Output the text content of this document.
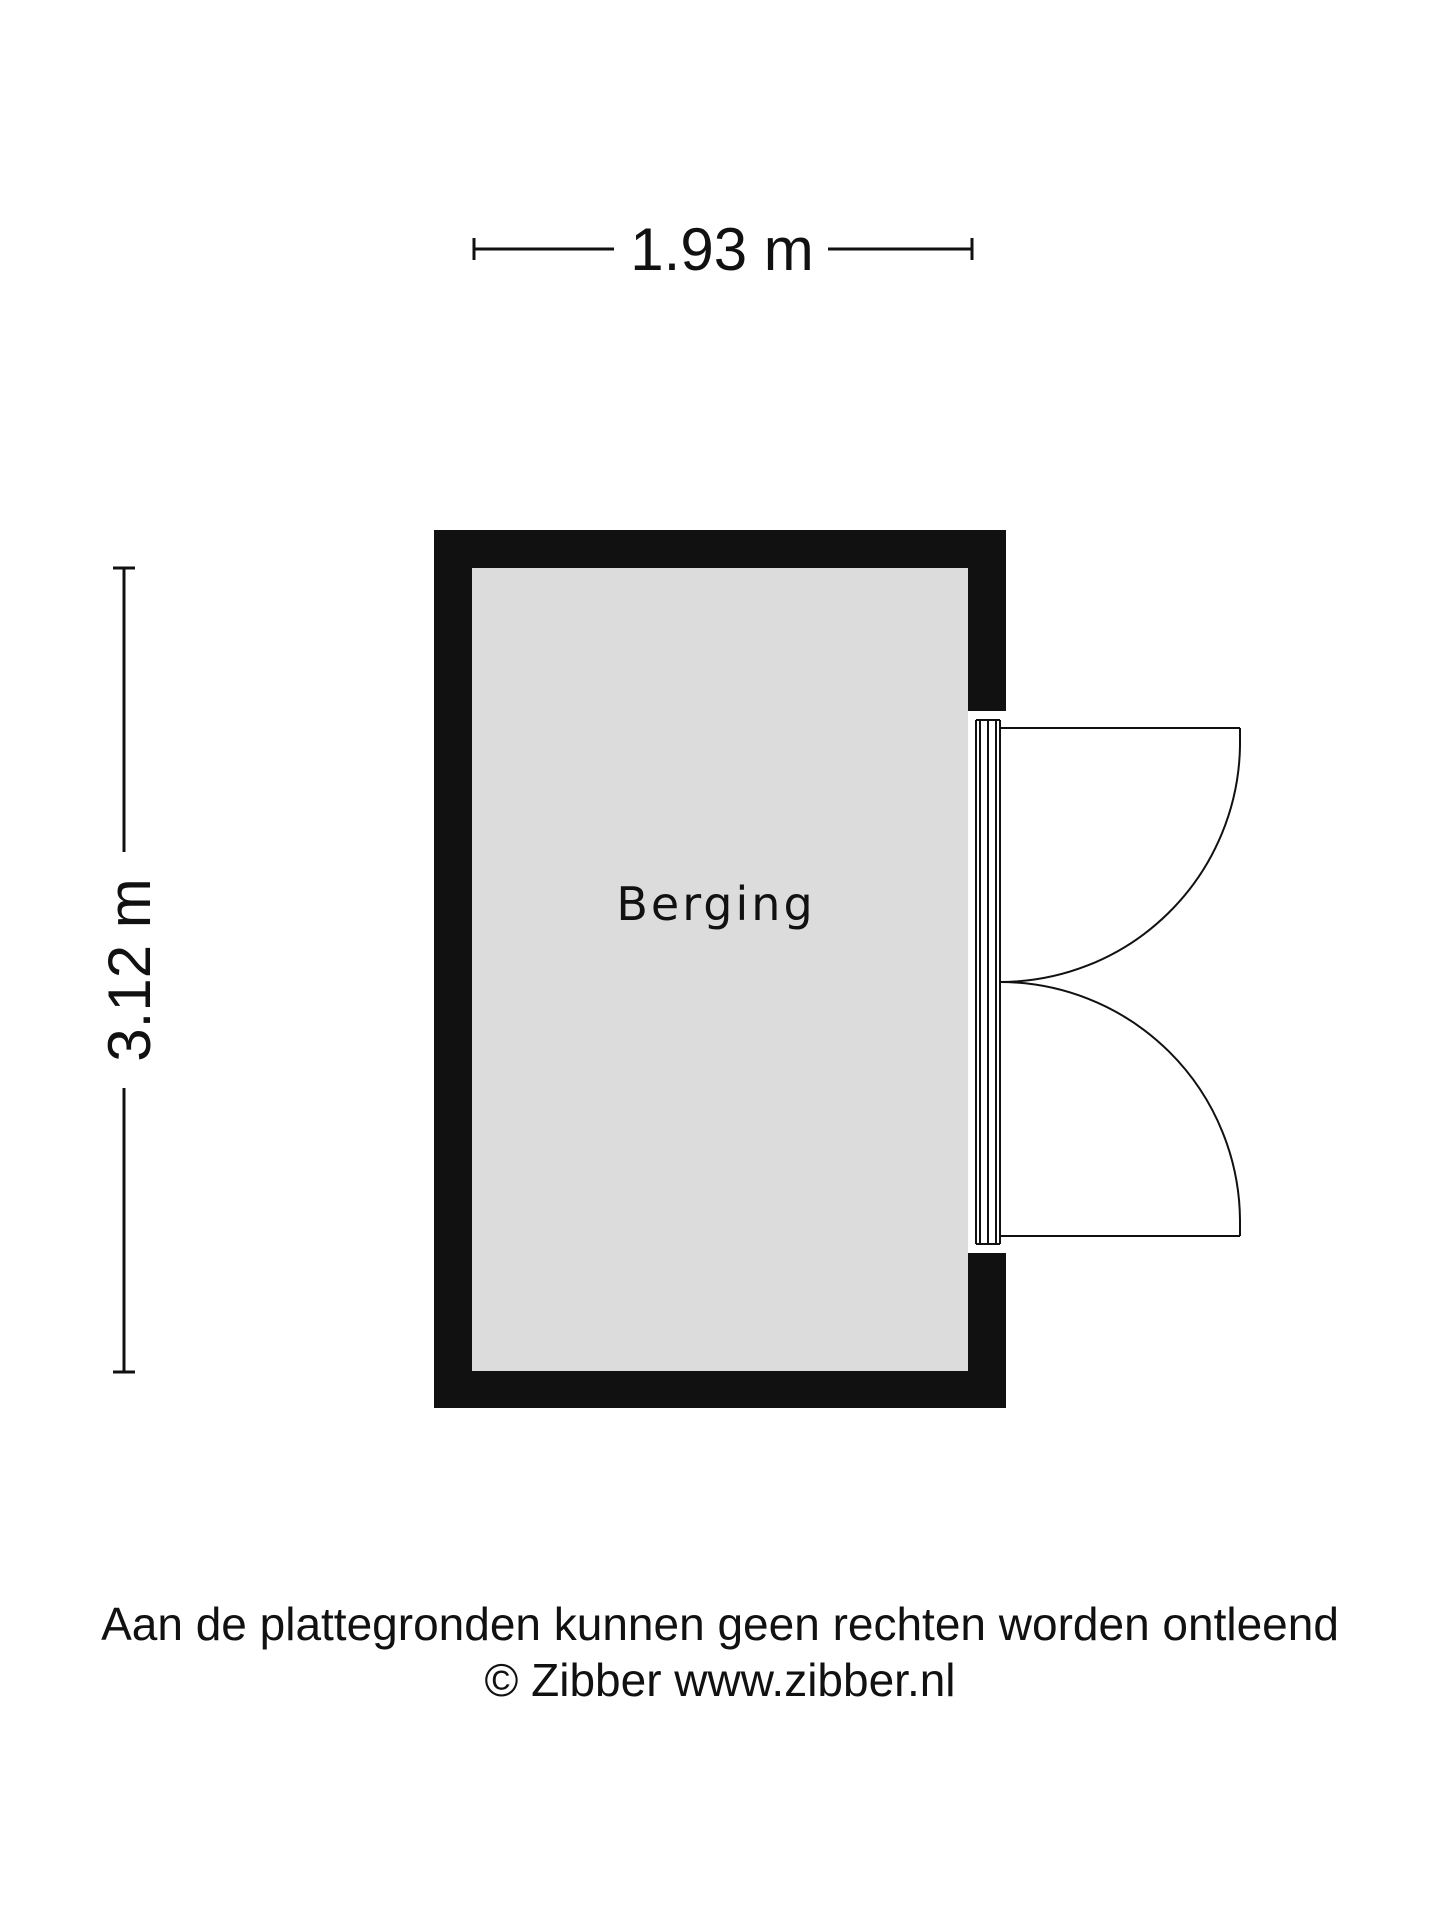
1.93 m
3.12 m	Berging
Aan de plattegronden kunnen geen rechten worden ontleend
© Zibber www.zibber.nl
